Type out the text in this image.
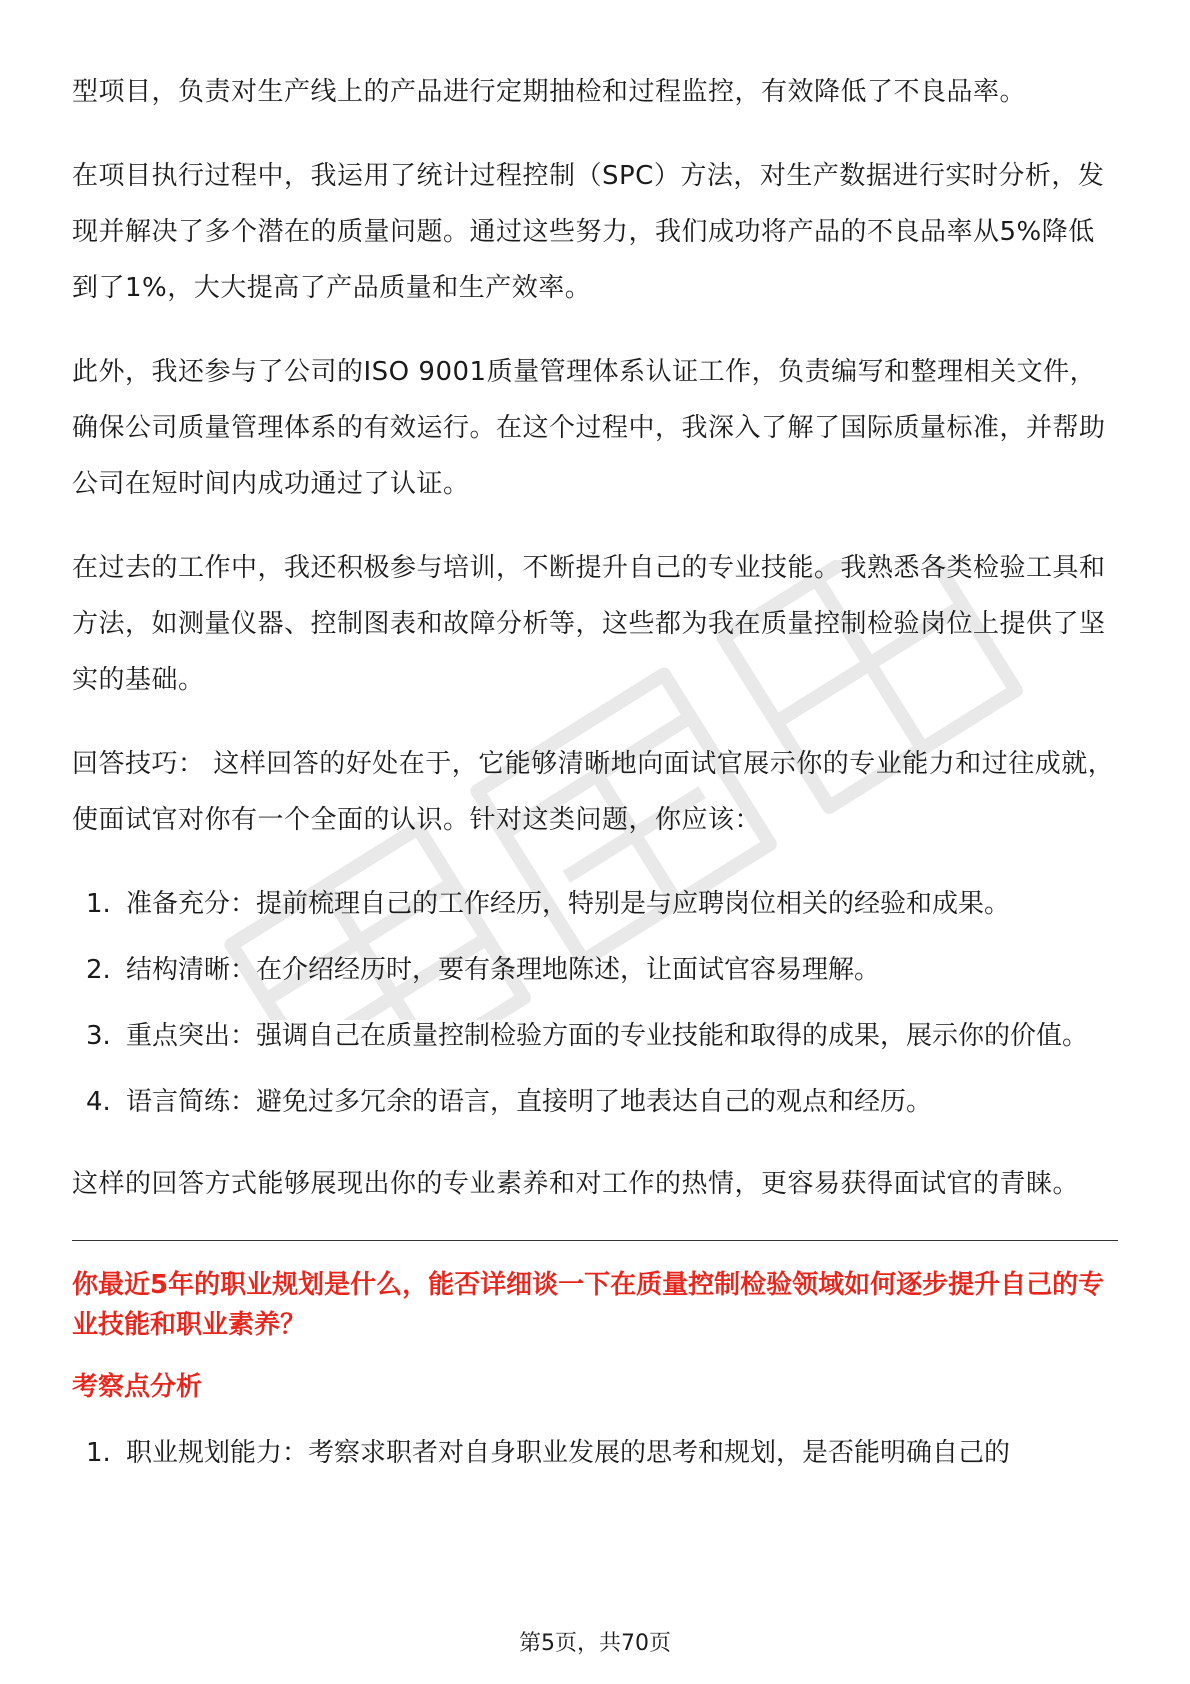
型项目，负责对生产线上的产品进行定期抽检和过程监控，有效降低了不良品率。

在项目执行过程中，我运用了统计过程控制（SPC）方法，对生产数据进行实时分析，发现并解决了多个潜在的质量问题。通过这些努力，我们成功将产品的不良品率从5%降低到了1%，大大提高了产品质量和生产效率。

此外，我还参与了公司的ISO 9001质量管理体系认证工作，负责编写和整理相关文件，确保公司质量管理体系的有效运行。在这个过程中，我深入了解了国际质量标准，并帮助公司在短时间内成功通过了认证。

在过去的工作中，我还积极参与培训，不断提升自己的专业技能。我熟悉各类检验工具和方法，如测量仪器、控制图表和故障分析等，这些都为我在质量控制检验岗位上提供了坚实的基础。

回答技巧： 这样回答的好处在于，它能够清晰地向面试官展示你的专业能力和过往成就，使面试官对你有一个全面的认识。针对这类问题，你应该：

1. 准备充分：提前梳理自己的工作经历，特别是与应聘岗位相关的经验和成果。
2. 结构清晰：在介绍经历时，要有条理地陈述，让面试官容易理解。
3. 重点突出：强调自己在质量控制检验方面的专业技能和取得的成果，展示你的价值。
4. 语言简练：避免过多冗余的语言，直接明了地表达自己的观点和经历。

这样的回答方式能够展现出你的专业素养和对工作的热情，更容易获得面试官的青睐。

你最近5年的职业规划是什么，能否详细谈一下在质量控制检验领域如何逐步提升自己的专业技能和职业素养？
考察点分析
1. 职业规划能力：考察求职者对自身职业发展的思考和规划，是否能明确自己的
第5页，共70页
